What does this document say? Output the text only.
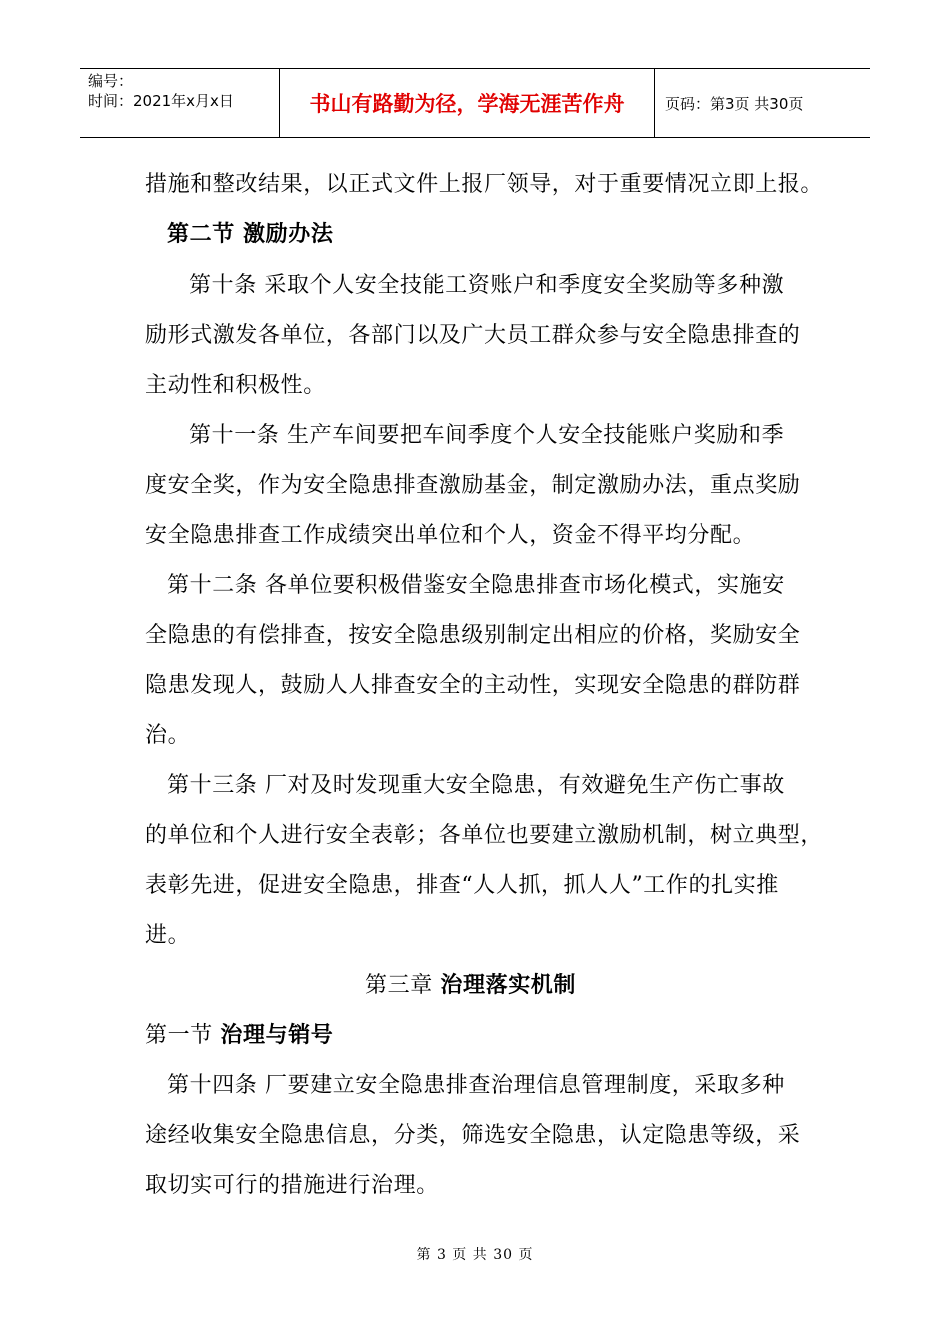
编号：
时间：2021年x月x日	书山有路勤为径，学海无涯苦作舟	页码：第3页 共30页
措施和整改结果，以正式文件上报厂领导，对于重要情况立即上报。
第二节 激励办法
第十条 采取个人安全技能工资账户和季度安全奖励等多种激
励形式激发各单位，各部门以及广大员工群众参与安全隐患排查的
主动性和积极性。
第十一条 生产车间要把车间季度个人安全技能账户奖励和季
度安全奖，作为安全隐患排查激励基金，制定激励办法，重点奖励
安全隐患排查工作成绩突出单位和个人，资金不得平均分配。
第十二条 各单位要积极借鉴安全隐患排查市场化模式，实施安
全隐患的有偿排查，按安全隐患级别制定出相应的价格，奖励安全
隐患发现人，鼓励人人排查安全的主动性，实现安全隐患的群防群
治。
第十三条 厂对及时发现重大安全隐患，有效避免生产伤亡事故
的单位和个人进行安全表彰；各单位也要建立激励机制，树立典型，
表彰先进，促进安全隐患，排查“人人抓，抓人人”工作的扎实推
进。
第三章 治理落实机制
第一节 治理与销号
第十四条 厂要建立安全隐患排查治理信息管理制度，采取多种
途经收集安全隐患信息，分类，筛选安全隐患，认定隐患等级，采
取切实可行的措施进行治理。
第 3 页 共 30 页
